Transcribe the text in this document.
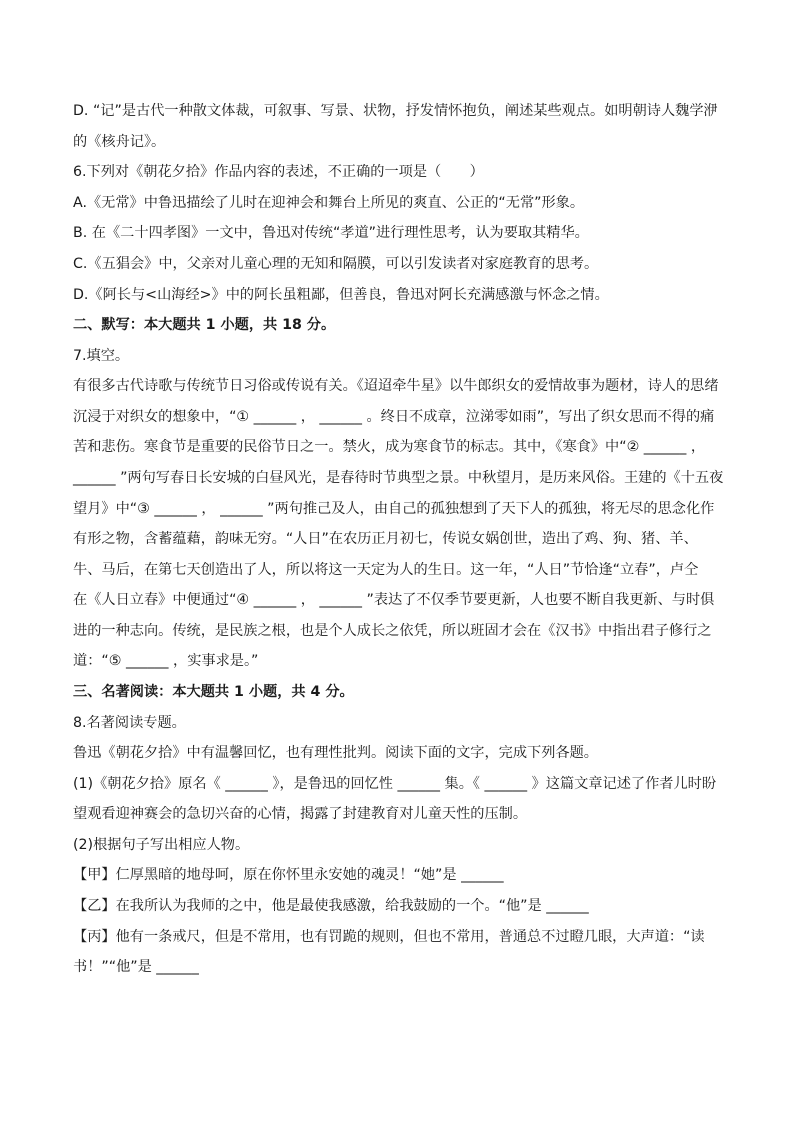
D. “记”是古代一种散文体裁，可叙事、写景、状物，抒发情怀抱负，阐述某些观点。如明朝诗人魏学洢

的《核舟记》。

6.下列对《朝花夕拾》作品内容的表述，不正确的一项是（　　）

A.《无常》中鲁迅描绘了儿时在迎神会和舞台上所见的爽直、公正的“无常”形象。

B. 在《二十四孝图》一文中，鲁迅对传统“孝道”进行理性思考，认为要取其精华。

C.《五猖会》中，父亲对儿童心理的无知和隔膜，可以引发读者对家庭教育的思考。

D.《阿长与<山海经>》中的阿长虽粗鄙，但善良，鲁迅对阿长充满感激与怀念之情。

二、默写：本大题共 1 小题，共 18 分。

7.填空。

有很多古代诗歌与传统节日习俗或传说有关。《迢迢牵牛星》以牛郎织女的爱情故事为题材，诗人的思绪

沉浸于对织女的想象中，“① ______ ， ______ 。终日不成章，泣涕零如雨”，写出了织女思而不得的痛

苦和悲伤。寒食节是重要的民俗节日之一。禁火，成为寒食节的标志。其中，《寒食》中“② ______ ，

______ ”两句写春日长安城的白昼风光，是春待时节典型之景。中秋望月，是历来风俗。王建的《十五夜

望月》中“③ ______ ， ______ ”两句推己及人，由自己的孤独想到了天下人的孤独，将无尽的思念化作

有形之物，含蓄蕴藉，韵味无穷。“人日”在农历正月初七，传说女娲创世，造出了鸡、狗、猪、羊、

牛、马后，在第七天创造出了人，所以将这一天定为人的生日。这一年，“人日”节恰逢“立春”，卢仝

在《人日立春》中便通过“④ ______ ， ______ ”表达了不仅季节要更新，人也要不断自我更新、与时俱

进的一种志向。传统，是民族之根，也是个人成长之依凭，所以班固才会在《汉书》中指出君子修行之

道：“⑤ ______ ，实事求是。”

三、名著阅读：本大题共 1 小题，共 4 分。

8.名著阅读专题。

鲁迅《朝花夕拾》中有温馨回忆，也有理性批判。阅读下面的文字，完成下列各题。

(1)《朝花夕拾》原名《 ______ 》，是鲁迅的回忆性 ______ 集。《 ______ 》这篇文章记述了作者儿时盼

望观看迎神赛会的急切兴奋的心情，揭露了封建教育对儿童天性的压制。

(2)根据句子写出相应人物。

【甲】仁厚黑暗的地母呵，原在你怀里永安她的魂灵！“她”是 ______

【乙】在我所认为我师的之中，他是最使我感激，给我鼓励的一个。“他”是 ______

【丙】他有一条戒尺，但是不常用，也有罚跪的规则，但也不常用，普通总不过瞪几眼，大声道：“读

书！”“他”是 ______
